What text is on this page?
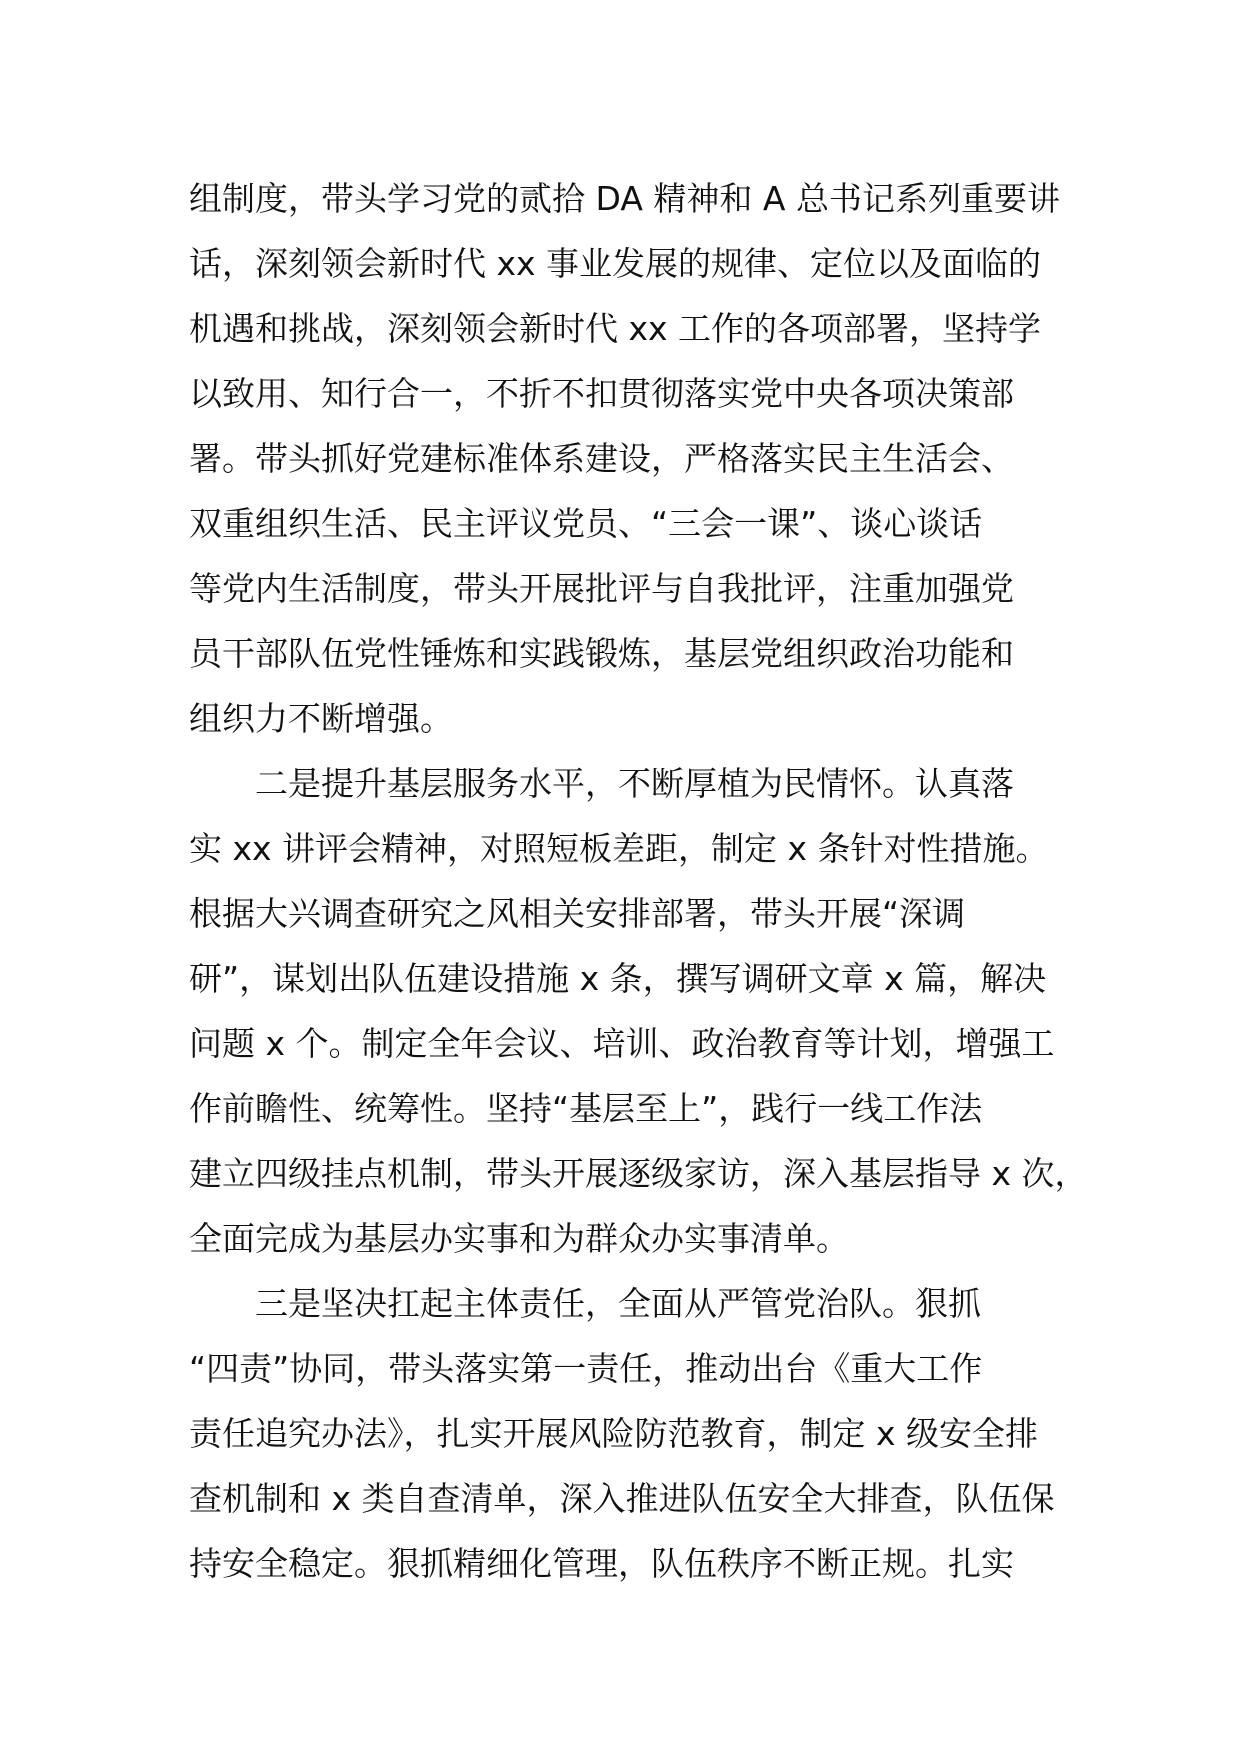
组制度，带头学习党的贰拾 DA 精神和 A 总书记系列重要讲
话，深刻领会新时代 xx 事业发展的规律、定位以及面临的
机遇和挑战，深刻领会新时代 xx 工作的各项部署，坚持学
以致用、知行合一，不折不扣贯彻落实党中央各项决策部
署。带头抓好党建标准体系建设，严格落实民主生活会、
双重组织生活、民主评议党员、“三会一课”、谈心谈话
等党内生活制度，带头开展批评与自我批评，注重加强党
员干部队伍党性锤炼和实践锻炼，基层党组织政治功能和
组织力不断增强。
　　二是提升基层服务水平，不断厚植为民情怀。认真落
实 xx 讲评会精神，对照短板差距，制定 x 条针对性措施。
根据大兴调查研究之风相关安排部署，带头开展“深调
研”，谋划出队伍建设措施 x 条，撰写调研文章 x 篇，解决
问题 x 个。制定全年会议、培训、政治教育等计划，增强工
作前瞻性、统筹性。坚持“基层至上”，践行一线工作法
建立四级挂点机制，带头开展逐级家访，深入基层指导 x 次，
全面完成为基层办实事和为群众办实事清单。
　　三是坚决扛起主体责任，全面从严管党治队。狠抓
“四责”协同，带头落实第一责任，推动出台《重大工作
责任追究办法》，扎实开展风险防范教育，制定 x 级安全排
查机制和 x 类自查清单，深入推进队伍安全大排查，队伍保
持安全稳定。狠抓精细化管理，队伍秩序不断正规。扎实
